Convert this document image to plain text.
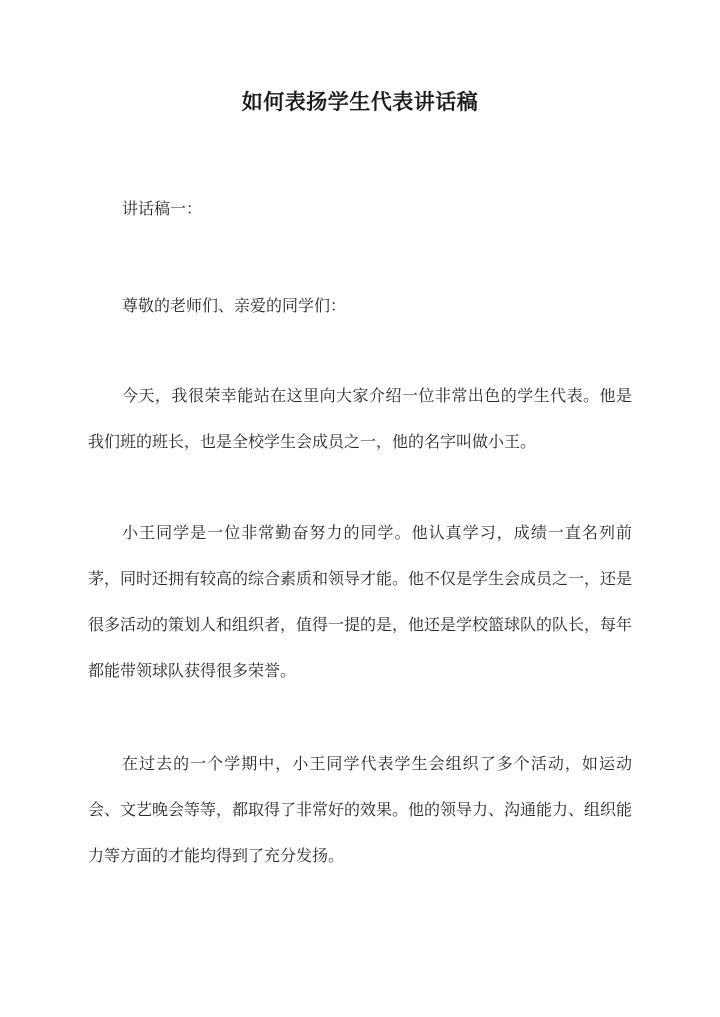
如何表扬学生代表讲话稿

讲话稿一：

尊敬的老师们、亲爱的同学们：

今天，我很荣幸能站在这里向大家介绍一位非常出色的学生代表。他是我们班的班长，也是全校学生会成员之一，他的名字叫做小王。

小王同学是一位非常勤奋努力的同学。他认真学习，成绩一直名列前茅，同时还拥有较高的综合素质和领导才能。他不仅是学生会成员之一，还是很多活动的策划人和组织者，值得一提的是，他还是学校篮球队的队长，每年都能带领球队获得很多荣誉。

在过去的一个学期中，小王同学代表学生会组织了多个活动，如运动会、文艺晚会等等，都取得了非常好的效果。他的领导力、沟通能力、组织能力等方面的才能均得到了充分发扬。
